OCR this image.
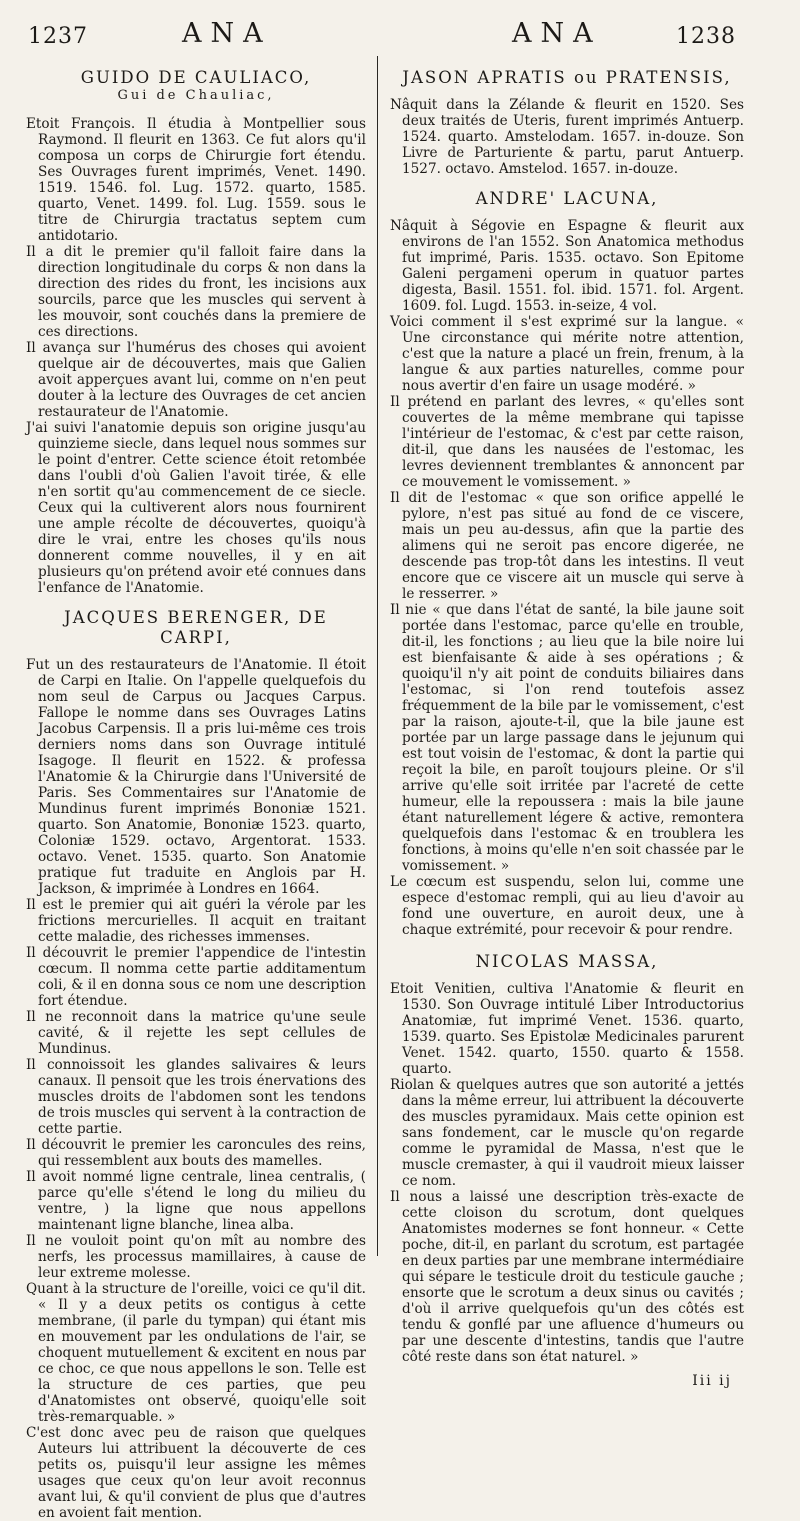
1237	ANA	ANA	1238
GUIDO DE CAULIACO,
Gui de Chauliac,

Etoit François. Il étudia à Montpellier sous Raymond. Il fleurit en 1363. Ce fut alors qu'il composa un corps de Chirurgie fort étendu. Ses Ouvrages furent imprimés, Venet. 1490. 1519. 1546. fol. Lug. 1572. quarto, 1585. quarto, Venet. 1499. fol. Lug. 1559. sous le titre de Chirurgia tractatus septem cum antidotario.

Il a dit le premier qu'il falloit faire dans la direction longitudinale du corps & non dans la direction des rides du front, les incisions aux sourcils, parce que les muscles qui servent à les mouvoir, sont couchés dans la premiere de ces directions.

Il avança sur l'humérus des choses qui avoient quelque air de découvertes, mais que Galien avoit apperçues avant lui, comme on n'en peut douter à la lecture des Ouvrages de cet ancien restaurateur de l'Anatomie.

J'ai suivi l'anatomie depuis son origine jusqu'au quinzieme siecle, dans lequel nous sommes sur le point d'entrer. Cette science étoit retombée dans l'oubli d'où Galien l'avoit tirée, & elle n'en sortit qu'au commencement de ce siecle. Ceux qui la cultiverent alors nous fournirent une ample récolte de découvertes, quoiqu'à dire le vrai, entre les choses qu'ils nous donnerent comme nouvelles, il y en ait plusieurs qu'on prétend avoir eté connues dans l'enfance de l'Anatomie.

JACQUES BERENGER, DE CARPI,

Fut un des restaurateurs de l'Anatomie. Il étoit de Carpi en Italie. On l'appelle quelquefois du nom seul de Carpus ou Jacques Carpus. Fallope le nomme dans ses Ouvrages Latins Jacobus Carpensis. Il a pris lui-même ces trois derniers noms dans son Ouvrage intitulé Isagoge. Il fleurit en 1522. & professa l'Anatomie & la Chirurgie dans l'Université de Paris. Ses Commentaires sur l'Anatomie de Mundinus furent imprimés Bononiæ 1521. quarto. Son Anatomie, Bononiæ 1523. quarto, Coloniæ 1529. octavo, Argentorat. 1533. octavo. Venet. 1535. quarto. Son Anatomie pratique fut traduite en Anglois par H. Jackson, & imprimée à Londres en 1664.

Il est le premier qui ait guéri la vérole par les frictions mercurielles. Il acquit en traitant cette maladie, des richesses immenses.

Il découvrit le premier l'appendice de l'intestin cœcum. Il nomma cette partie additamentum coli, & il en donna sous ce nom une description fort étendue.

Il ne reconnoit dans la matrice qu'une seule cavité, & il rejette les sept cellules de Mundinus.

Il connoissoit les glandes salivaires & leurs canaux. Il pensoit que les trois énervations des muscles droits de l'abdomen sont les tendons de trois muscles qui servent à la contraction de cette partie.

Il découvrit le premier les caroncules des reins, qui ressemblent aux bouts des mamelles.

Il avoit nommé ligne centrale, linea centralis, ( parce qu'elle s'étend le long du milieu du ventre, ) la ligne que nous appellons maintenant ligne blanche, linea alba.

Il ne vouloit point qu'on mît au nombre des nerfs, les processus mamillaires, à cause de leur extreme molesse.

Quant à la structure de l'oreille, voici ce qu'il dit. « Il y a deux petits os contigus à cette membrane, (il parle du tympan) qui étant mis en mouvement par les ondulations de l'air, se choquent mutuellement & excitent en nous par ce choc, ce que nous appellons le son. Telle est la structure de ces parties, que peu d'Anatomistes ont observé, quoiqu'elle soit très-remarquable. »

C'est donc avec peu de raison que quelques Auteurs lui attribuent la découverte de ces petits os, puisqu'il leur assigne les mêmes usages que ceux qu'on leur avoit reconnus avant lui, & qu'il convient de plus que d'autres en avoient fait mention.

JASON APRATIS ou PRATENSIS,

Nâquit dans la Zélande & fleurit en 1520. Ses deux traités de Uteris, furent imprimés Antuerp. 1524. quarto. Amstelodam. 1657. in-douze. Son Livre de Parturiente & partu, parut Antuerp. 1527. octavo. Amstelod. 1657. in-douze.

ANDRE' LACUNA,

Nâquit à Ségovie en Espagne & fleurit aux environs de l'an 1552. Son Anatomica methodus fut imprimé, Paris. 1535. octavo. Son Epitome Galeni pergameni operum in quatuor partes digesta, Basil. 1551. fol. ibid. 1571. fol. Argent. 1609. fol. Lugd. 1553. in-seize, 4 vol.

Voici comment il s'est exprimé sur la langue. « Une circonstance qui mérite notre attention, c'est que la nature a placé un frein, frenum, à la langue & aux parties naturelles, comme pour nous avertir d'en faire un usage modéré. »

Il prétend en parlant des levres, « qu'elles sont couvertes de la même membrane qui tapisse l'intérieur de l'estomac, & c'est par cette raison, dit-il, que dans les nausées de l'estomac, les levres deviennent tremblantes & annoncent par ce mouvement le vomissement. »

Il dit de l'estomac « que son orifice appellé le pylore, n'est pas situé au fond de ce viscere, mais un peu au-dessus, afin que la partie des alimens qui ne seroit pas encore digerée, ne descende pas trop-tôt dans les intestins. Il veut encore que ce viscere ait un muscle qui serve à le resserrer. »

Il nie « que dans l'état de santé, la bile jaune soit portée dans l'estomac, parce qu'elle en trouble, dit-il, les fonctions ; au lieu que la bile noire lui est bienfaisante & aide à ses opérations ; & quoiqu'il n'y ait point de conduits biliaires dans l'estomac, si l'on rend toutefois assez fréquemment de la bile par le vomissement, c'est par la raison, ajoute-t-il, que la bile jaune est portée par un large passage dans le jejunum qui est tout voisin de l'estomac, & dont la partie qui reçoit la bile, en paroît toujours pleine. Or s'il arrive qu'elle soit irritée par l'acreté de cette humeur, elle la repoussera : mais la bile jaune étant naturellement légere & active, remontera quelquefois dans l'estomac & en troublera les fonctions, à moins qu'elle n'en soit chassée par le vomissement. »

Le cœcum est suspendu, selon lui, comme une espece d'estomac rempli, qui au lieu d'avoir au fond une ouverture, en auroit deux, une à chaque extrémité, pour recevoir & pour rendre.

NICOLAS MASSA,

Etoit Venitien, cultiva l'Anatomie & fleurit en 1530. Son Ouvrage intitulé Liber Introductorius Anatomiæ, fut imprimé Venet. 1536. quarto, 1539. quarto. Ses Epistolæ Medicinales parurent Venet. 1542. quarto, 1550. quarto & 1558. quarto.

Riolan & quelques autres que son autorité a jettés dans la même erreur, lui attribuent la découverte des muscles pyramidaux. Mais cette opinion est sans fondement, car le muscle qu'on regarde comme le pyramidal de Massa, n'est que le muscle cremaster, à qui il vaudroit mieux laisser ce nom.

Il nous a laissé une description très-exacte de cette cloison du scrotum, dont quelques Anatomistes modernes se font honneur. « Cette poche, dit-il, en parlant du scrotum, est partagée en deux parties par une membrane intermédiaire qui sépare le testicule droit du testicule gauche ; ensorte que le scrotum a deux sinus ou cavités ; d'où il arrive quelquefois qu'un des côtés est tendu & gonflé par une afluence d'humeurs ou par une descente d'intestins, tandis que l'autre côté reste dans son état naturel. »

Iii ij
